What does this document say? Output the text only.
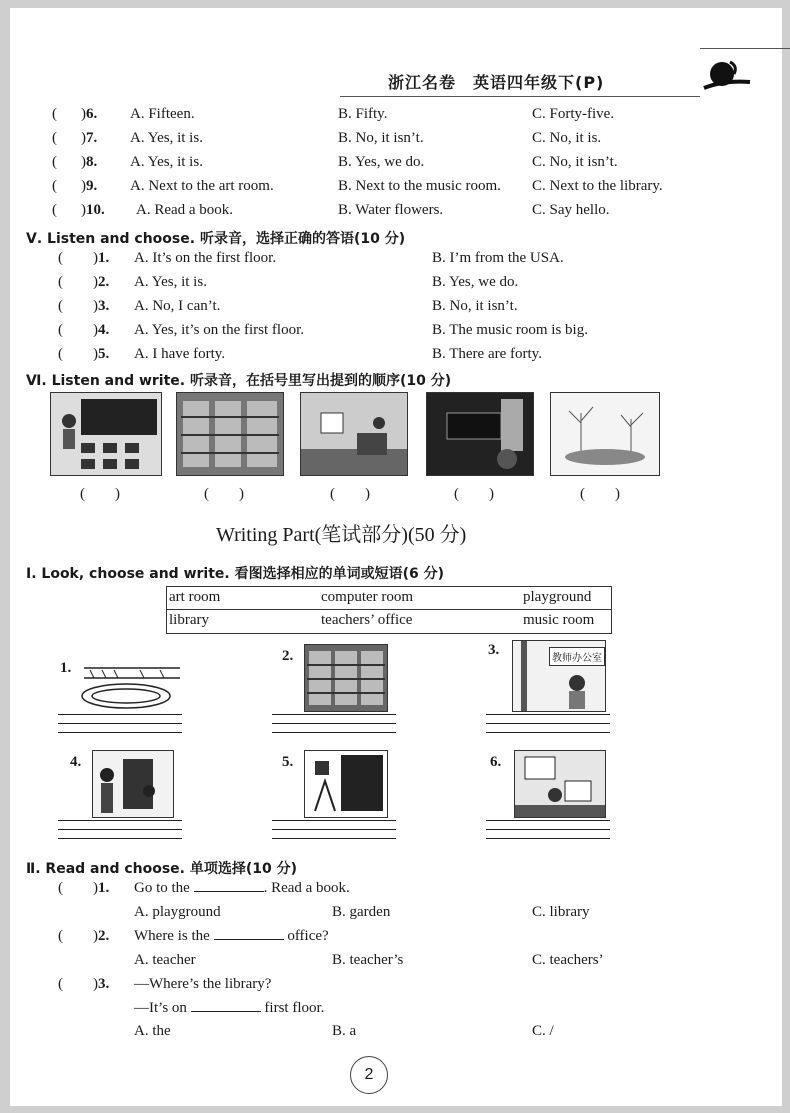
浙江名卷　英语四年级下(P)
( )6. A. Fifteen.	B. Fifty.	C. Forty-five.
( )7. A. Yes, it is.	B. No, it isn’t.	C. No, it is.
( )8. A. Yes, it is.	B. Yes, we do.	C. No, it isn’t.
( )9. A. Next to the art room.	B. Next to the music room. C. Next to the library.
( )10. A. Read a book.	B. Water flowers.	C. Say hello.
Ⅴ. Listen and choose. 听录音，选择正确的答语(10 分)
( )1. A. It’s on the first floor.	B. I’m from the USA.
( )2. A. Yes, it is.	B. Yes, we do.
( )3. A. No, I can’t.	B. No, it isn’t.
( )4. A. Yes, it’s on the first floor.	B. The music room is big.
( )5. A. I have forty.	B. There are forty.
Ⅵ. Listen and write. 听录音，在括号里写出提到的顺序(10 分)
(　　)	(　　)	(　　)	(　　)	(　　)
Writing Part(笔试部分)(50 分)
Ⅰ. Look, choose and write. 看图选择相应的单词或短语(6 分)
art room	computer room	playground
library	teachers’ office	music room
1.
2.	3.
教师办公室
4.	5.	6.
Ⅱ. Read and choose. 单项选择(10 分)
( )1. Go to the	. Read a book.
A. playground	B. garden	C. library
( )2. Where is the	office?
A. teacher	B. teacher’s	C. teachers’
( )3. —Where’s the library?
—It’s on	first floor.
A. the	B. a	C. /
2
